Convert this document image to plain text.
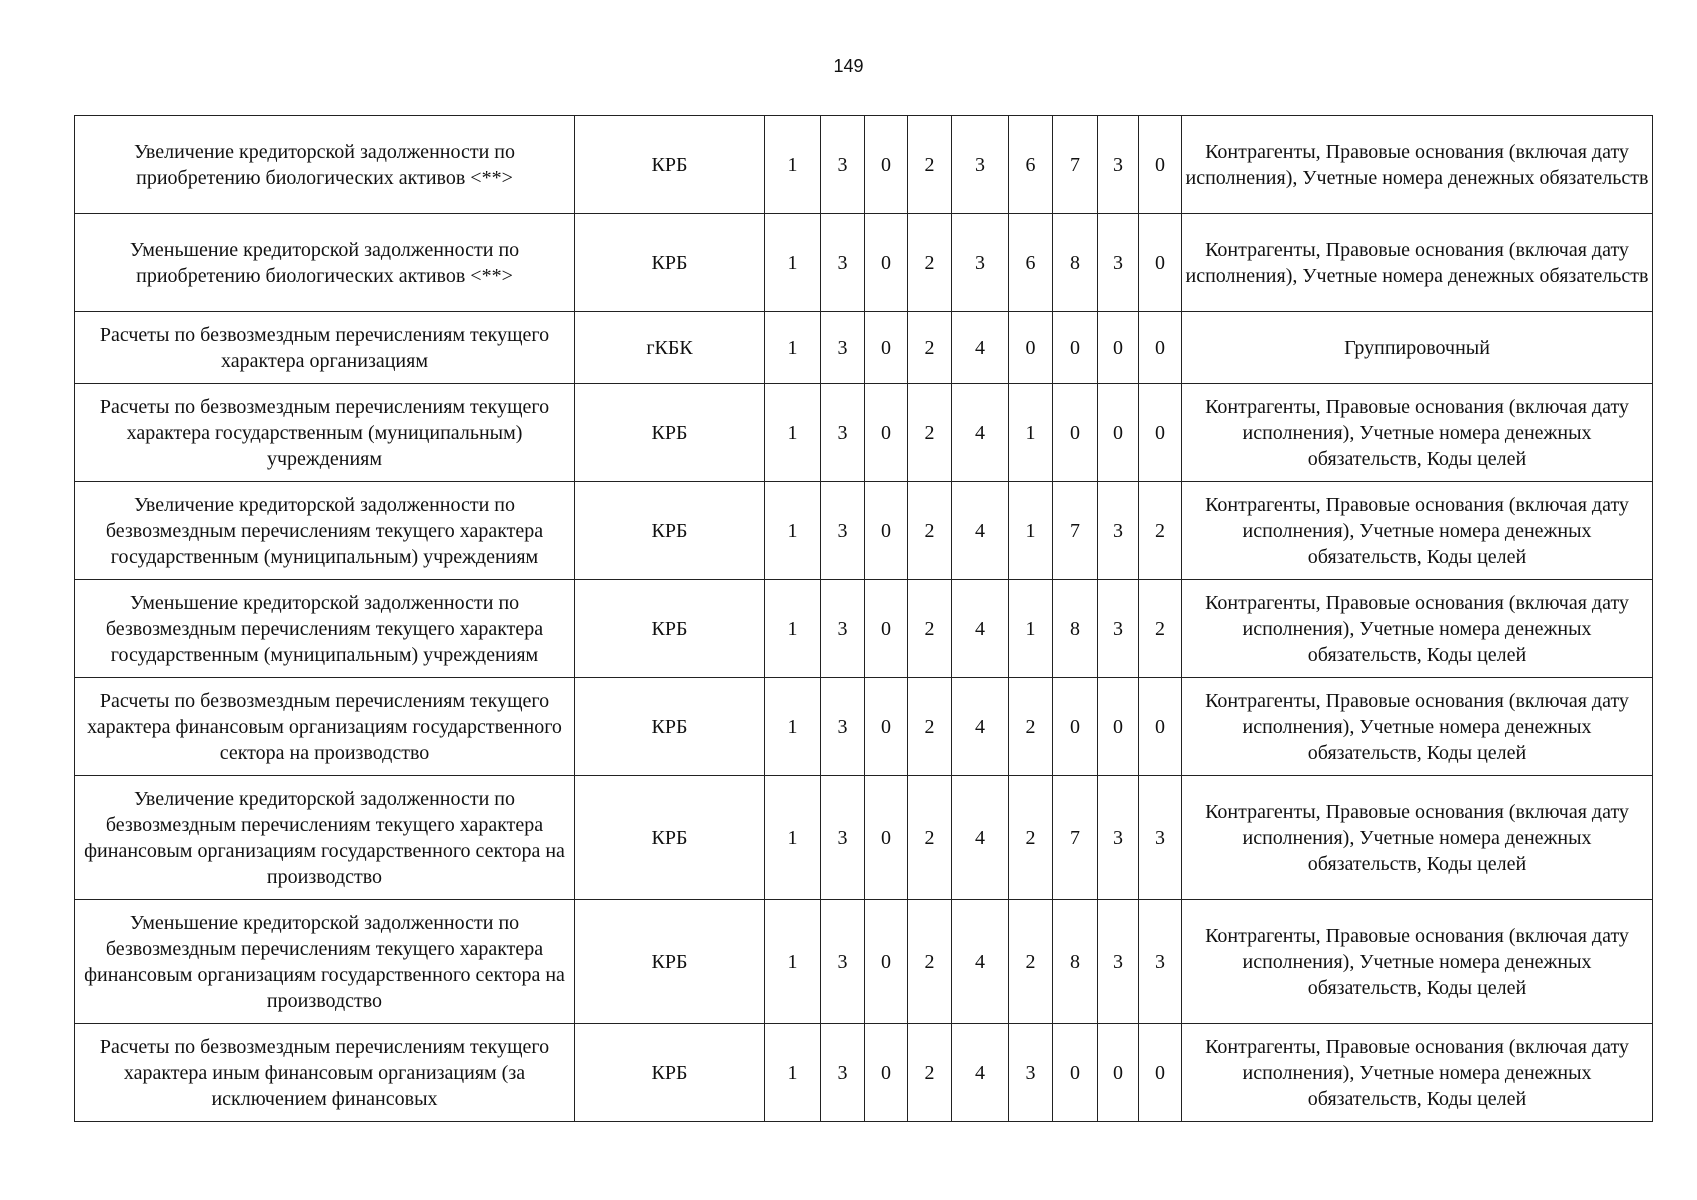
149
Увеличение кредиторской задолженности по приобретению биологических активов <**>	КРБ	1	3	0	2	3	6	7	3	0	Контрагенты, Правовые основания (включая дату исполнения), Учетные номера денежных обязательств
Уменьшение кредиторской задолженности по приобретению биологических активов <**>	КРБ	1	3	0	2	3	6	8	3	0	Контрагенты, Правовые основания (включая дату исполнения), Учетные номера денежных обязательств
Расчеты по безвозмездным перечислениям текущего характера организациям	гКБК	1	3	0	2	4	0	0	0	0	Группировочный
Расчеты по безвозмездным перечислениям текущего характера государственным (муниципальным) учреждениям	КРБ	1	3	0	2	4	1	0	0	0	Контрагенты, Правовые основания (включая дату исполнения), Учетные номера денежных обязательств, Коды целей
Увеличение кредиторской задолженности по безвозмездным перечислениям текущего характера государственным (муниципальным) учреждениям	КРБ	1	3	0	2	4	1	7	3	2	Контрагенты, Правовые основания (включая дату исполнения), Учетные номера денежных обязательств, Коды целей
Уменьшение кредиторской задолженности по безвозмездным перечислениям текущего характера государственным (муниципальным) учреждениям	КРБ	1	3	0	2	4	1	8	3	2	Контрагенты, Правовые основания (включая дату исполнения), Учетные номера денежных обязательств, Коды целей
Расчеты по безвозмездным перечислениям текущего характера финансовым организациям государственного сектора на производство	КРБ	1	3	0	2	4	2	0	0	0	Контрагенты, Правовые основания (включая дату исполнения), Учетные номера денежных обязательств, Коды целей
Увеличение кредиторской задолженности по безвозмездным перечислениям текущего характера финансовым организациям государственного сектора на производство	КРБ	1	3	0	2	4	2	7	3	3	Контрагенты, Правовые основания (включая дату исполнения), Учетные номера денежных обязательств, Коды целей
Уменьшение кредиторской задолженности по безвозмездным перечислениям текущего характера финансовым организациям государственного сектора на производство	КРБ	1	3	0	2	4	2	8	3	3	Контрагенты, Правовые основания (включая дату исполнения), Учетные номера денежных обязательств, Коды целей
Расчеты по безвозмездным перечислениям текущего характера иным финансовым организациям (за исключением финансовых	КРБ	1	3	0	2	4	3	0	0	0	Контрагенты, Правовые основания (включая дату исполнения), Учетные номера денежных обязательств, Коды целей
